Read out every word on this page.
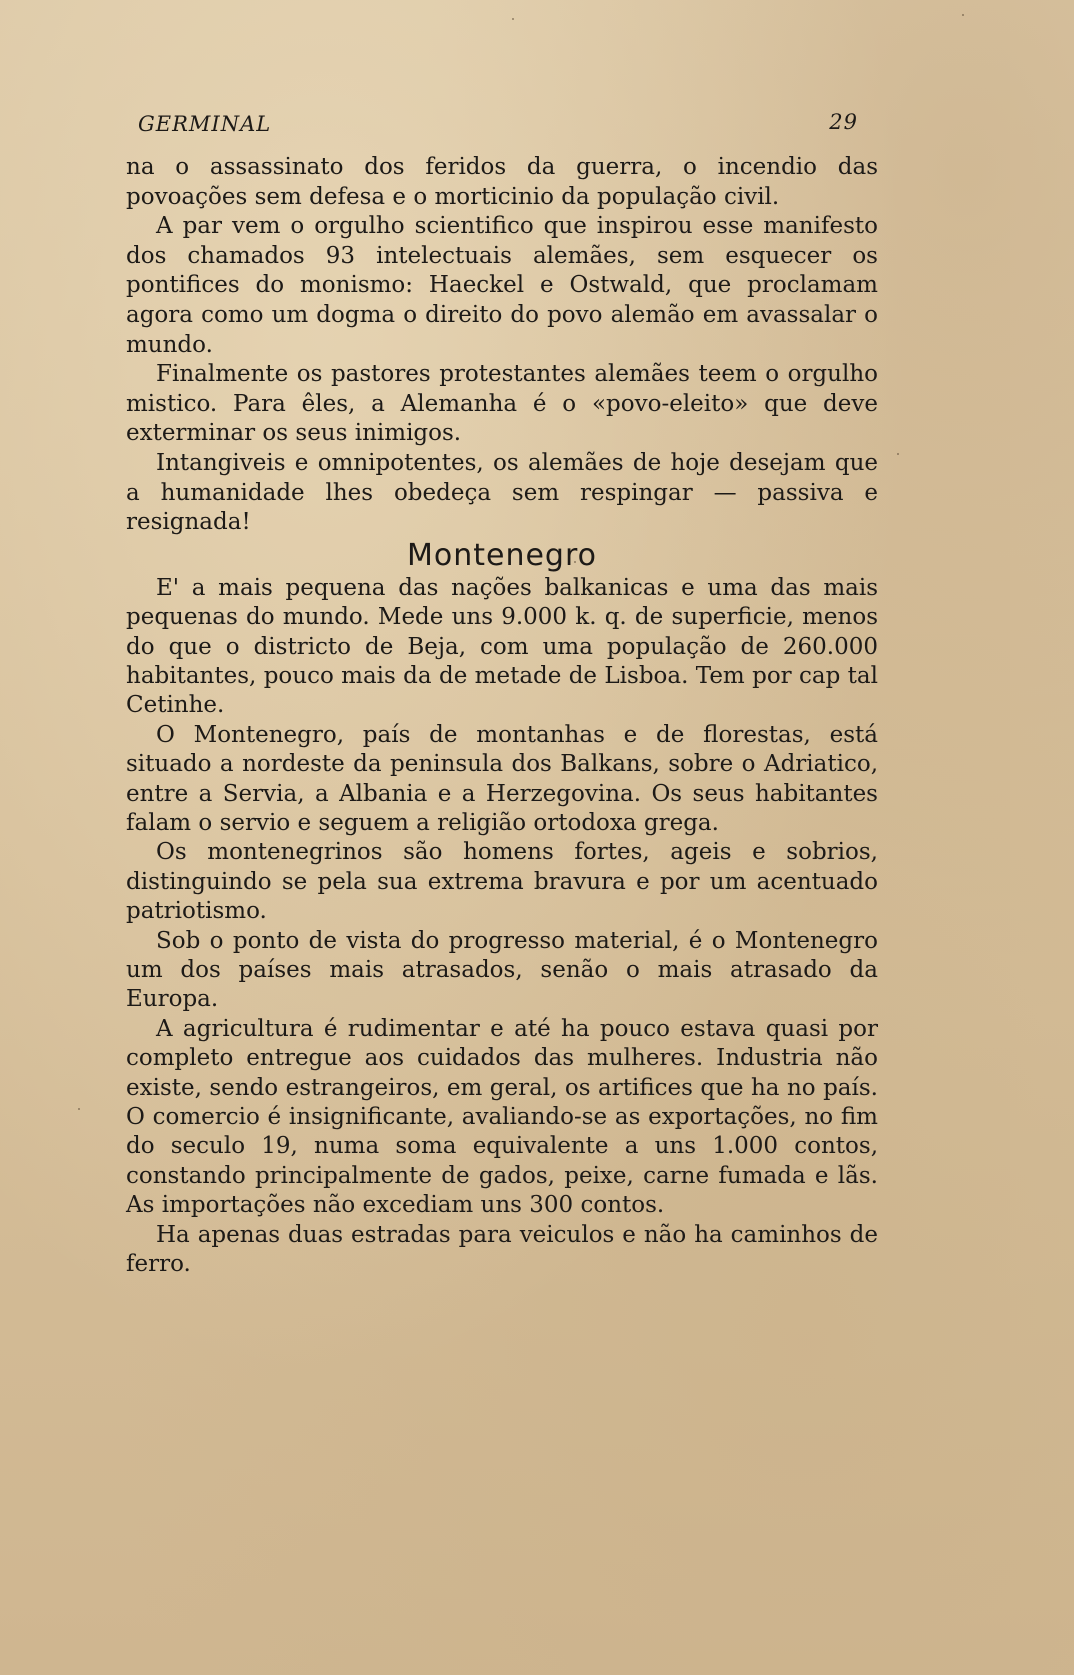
GERMINAL	29

na o assassinato dos feridos da guerra, o incendio das povoações sem defesa e o morticinio da população civil.

A par vem o orgulho scientifico que inspirou esse manifesto dos chamados 93 intelectuais alemães, sem esquecer os pontifices do monismo: Haeckel e Ostwald, que proclamam agora como um dogma o direito do povo alemão em avassalar o mundo.

Finalmente os pastores protestantes alemães teem o orgulho mistico. Para êles, a Alemanha é o «povo-eleito» que deve exterminar os seus inimigos.

Intangiveis e omnipotentes, os alemães de hoje desejam que a humanidade lhes obedeça sem respingar — passiva e resignada!

Montenegro

E' a mais pequena das nações balkanicas e uma das mais pequenas do mundo. Mede uns 9.000 k. q. de superficie, menos do que o districto de Beja, com uma população de 260.000 habitantes, pouco mais da de metade de Lisboa. Tem por cap tal Cetinhe.

O Montenegro, país de montanhas e de florestas, está situado a nordeste da peninsula dos Balkans, sobre o Adriatico, entre a Servia, a Albania e a Herzegovina. Os seus habitantes falam o servio e seguem a religião ortodoxa grega.

Os montenegrinos são homens fortes, ageis e sobrios, distinguindo se pela sua extrema bravura e por um acentuado patriotismo.

Sob o ponto de vista do progresso material, é o Montenegro um dos países mais atrasados, senão o mais atrasado da Europa.

A agricultura é rudimentar e até ha pouco estava quasi por completo entregue aos cuidados das mulheres. Industria não existe, sendo estrangeiros, em geral, os artifices que ha no país. O comercio é insignificante, avaliando-se as exportações, no fim do seculo 19, numa soma equivalente a uns 1.000 contos, constando principalmente de gados, peixe, carne fumada e lãs. As importações não excediam uns 300 contos.

Ha apenas duas estradas para veiculos e não ha caminhos de ferro.
